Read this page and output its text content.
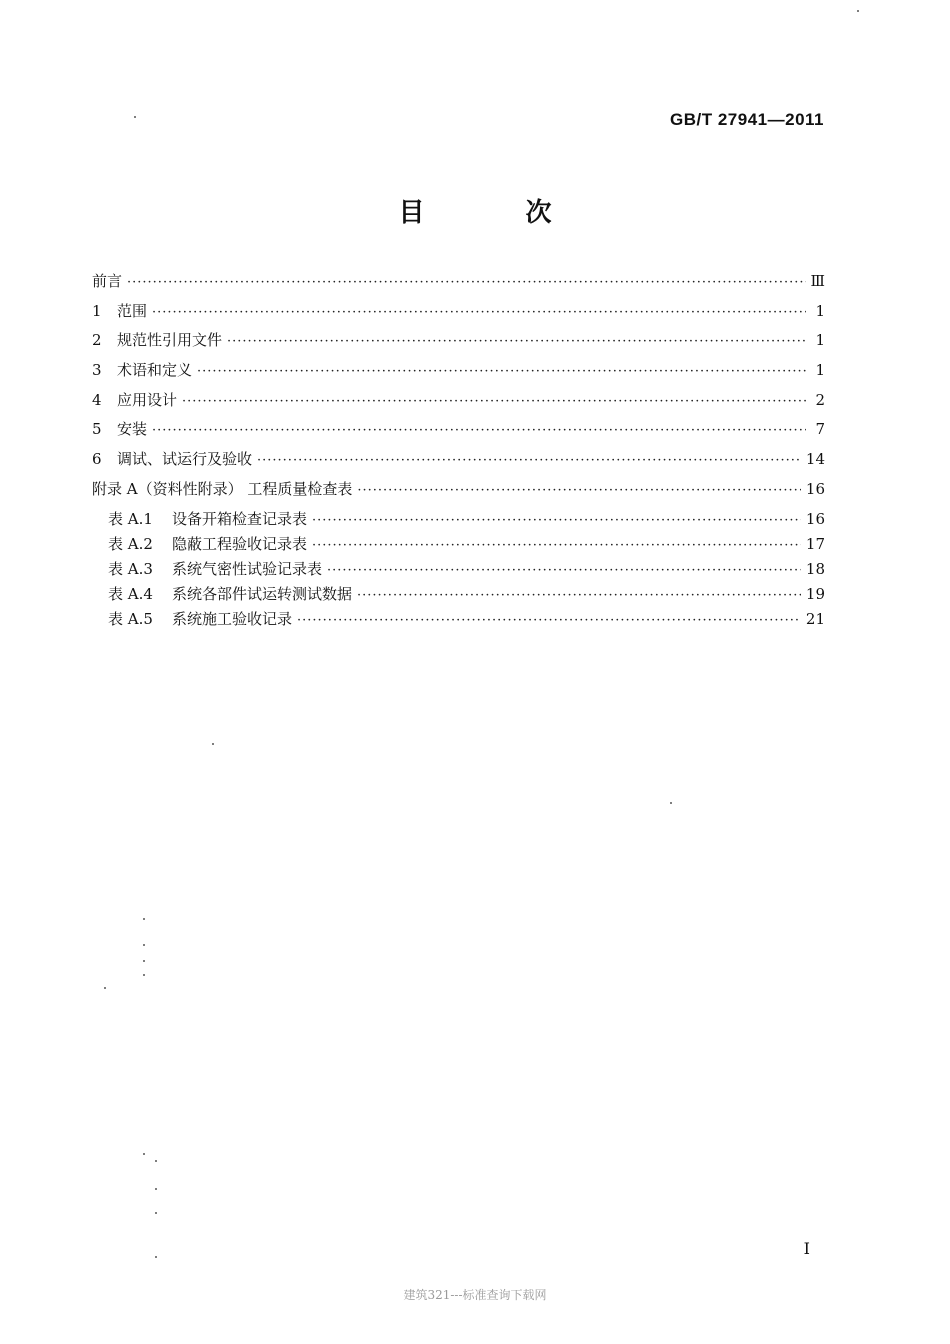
GB/T 27941—2011
目 次
前言 ·····	Ⅲ
1	范围 ·····	1
2	规范性引用文件 ·····	1
3	术语和定义 ·····	1
4	应用设计 ·····	2
5	安装 ·····	7
6	调试、试运行及验收 ·····	14
附录 A（资料性附录） 工程质量检查表 ·····	16
表 A.1	设备开箱检查记录表 ·····	16
表 A.2	隐蔽工程验收记录表 ·····	17
表 A.3	系统气密性试验记录表 ·····	18
表 A.4	系统各部件试运转测试数据 ·····	19
表 A.5	系统施工验收记录 ·····	21
I
建筑321---标准查询下载网
